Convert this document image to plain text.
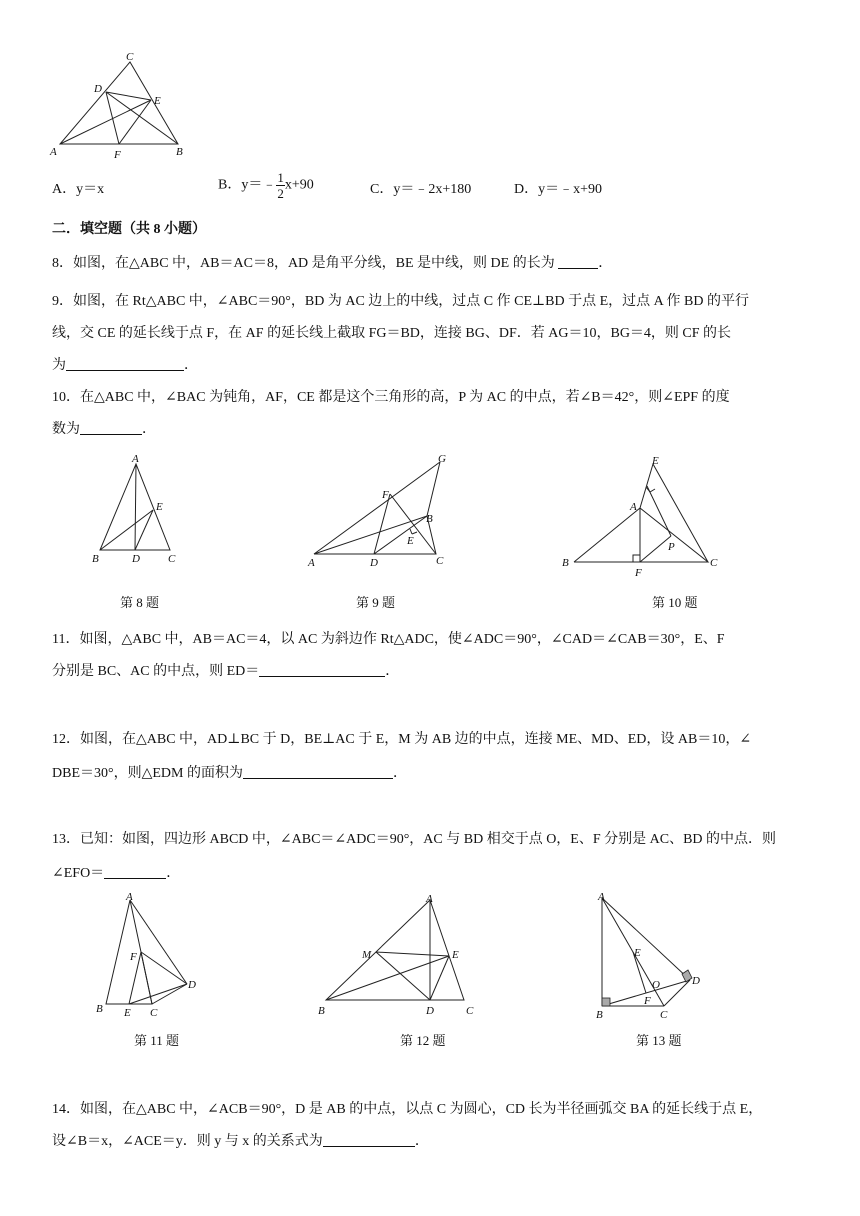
A	B
C
D
E
F
A．y＝x	B．y＝﹣ $\frac{1}{2} x+90$	C．y＝﹣2x+180	D．y＝﹣x+90
二．填空题（共 8 小题）
8．如图，在△ABC 中，AB＝AC＝8，AD 是角平分线，BE 是中线，则 DE 的长为	．
9．如图，在 Rt△ABC 中，∠ABC＝90°，BD 为 AC 边上的中线，过点 C 作 CE⊥BD 于点 E，过点 A 作 BD 的平行
线，交 CE 的延长线于点 F，在 AF 的延长线上截取 FG＝BD，连接 BG、DF．若 AG＝10，BG＝4，则 CF 的长
为	．
10．在△ABC 中，∠BAC 为钝角，AF，CE 都是这个三角形的高，P 为 AC 的中点，若∠B＝42°，则∠EPF 的度
数为	．
A
B	C
D
E
A
B
C
D
E
F
G
A
B	C
E
F
P
第 8 题	第 9 题	第 10 题
11．如图，△ABC 中，AB＝AC＝4，以 AC 为斜边作 Rt△ADC，使∠ADC＝90°，∠CAD＝∠CAB＝30°，E、F
分别是 BC、AC 的中点，则 ED＝	．
12．如图，在△ABC 中，AD⊥BC 于 D，BE⊥AC 于 E，M 为 AB 边的中点，连接 ME、MD、ED，设 AB＝10，∠
DBE＝30°，则△EDM 的面积为	．
13．已知：如图，四边形 ABCD 中，∠ABC＝∠ADC＝90°，AC 与 BD 相交于点 O，E、F 分别是 AC、BD 的中点．则
∠EFO＝	．
A
B	C
D
E
F
A
B	C
D
E
M
A
B	C
D
E
F
O
第 11 题	第 12 题	第 13 题
14．如图，在△ABC 中，∠ACB＝90°，D 是 AB 的中点，以点 C 为圆心，CD 长为半径画弧交 BA 的延长线于点 E，
设∠B＝x，∠ACE＝y．则 y 与 x 的关系式为	．
